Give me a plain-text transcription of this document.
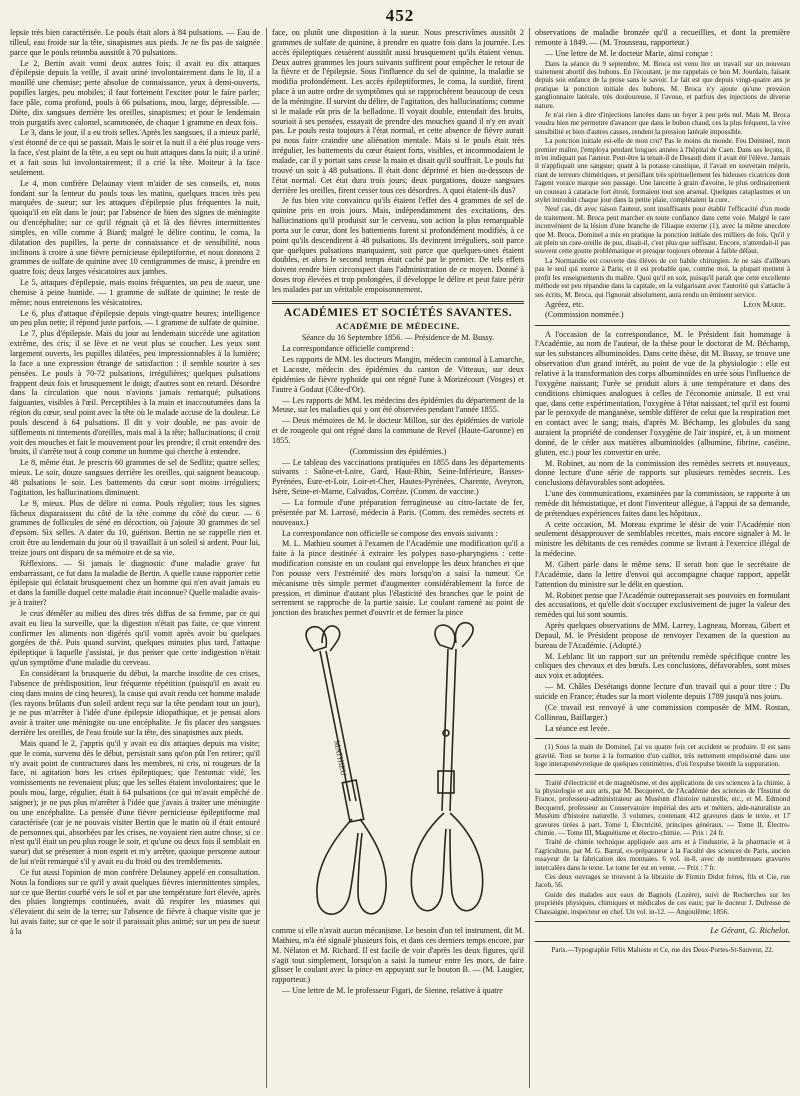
452

lepsie très bien caractérisée. Le pouls était alors à 84 pulsations. — Eau de tilleul, eau froide sur la tête, sinapismes aux pieds. Je ne fis pas de saignée parce que le pouls retomba aussitôt à 70 pulsations.

Le 2, Bertin avait vomi deux autres fois; il avait eu dix attaques d'épilepsie depuis la veille, il avait uriné involontairement dans le lit, il a mouillé une chemise; perte absolue de connaissance, yeux à demi-ouverts, pupilles larges, peu mobiles; il faut fortement l'exciter pour le faire parler; face pâle, coma profond, pouls à 66 pulsations, mou, large, dépressible. — Diète, dix sangsues derrière les oreilles, sinapismes; et pour le lendemain trois purgatifs avec calomel, scammonée, de chaque 1 gramme en deux fois.

Le 3, dans le jour, il a eu trois selles. Après les sangsues, il a mieux parlé, s'est étonné de ce qui se passait. Mais le soir et la nuit il a été plus rouge vers la face, s'est plaint de la tête, a eu sept ou huit attaques dans la nuit; il a uriné et a fait sous lui involontairement; il a crié la tête. Moiteur à la face seulement.

Le 4, mon confrère Delaunay vient m'aider de ses conseils, et, nous fondant sur la lenteur du pouls tous les matins, quelques traces très peu marquées de sueur; sur les attaques d'épilepsie plus fréquentes la nuit, quoiqu'il en eût dans le jour; par l'absence de bien des signes de méningite ou d'encéphalite; sur ce qu'il régnait çà et là des fièvres intermittentes simples, en ville comme à Biard; malgré le délire continu, le coma, la dilatation des pupilles, la perte de connaissance et de sensibilité, nous inclinons à croire à une fièvre pernicieuse épileptiforme, et nous donnons 2 grammes de sulfate de quinine avec 10 centigrammes de musc, à prendre en quatre fois; deux larges vésicatoires aux jambes.

Le 5, attaques d'épilepsie, mais moins fréquentes, un peu de sueur, une chemise à peine humide. — 1 gramme de sulfate de quinine; le reste de même; nous entretenons les vésicatoires.

Le 6, plus d'attaque d'épilepsie depuis vingt-quatre heures; intelligence un peu plus nette; il répond juste parfois. — 1 gramme de sulfate de quinine.

Le 7, plus d'épilepsie. Mais du jour au lendemain succède une agitation extrême, des cris; il se lève et ne veut plus se coucher. Les yeux sont largement ouverts, les pupilles dilatées, peu impressionnables à la lumière; la face a une expression étrange de satisfaction : il semble sourire à ses pensées. Le pouls à 70-72 pulsations, irrégulières; quelques pulsations frappent deux fois et brusquement le doigt; d'autres sont en retard. Désordre dans la circulation que nous n'avions jamais remarqué; pulsations faiguantes, visibles à l'œil. Perceptibles à la main et inaccoutumées dans la région du cœur, seul point avec la tête où le malade accuse de la douleur. Le pouls descend à 64 pulsations. Il dit y voir double, ne pas avoir de sifflements ni tintements d'oreilles, mais mal à la tête; hallucinations; il croit voir des mouches et fait le mouvement pour les prendre; il croit entendre des bruits, il s'arrête tout à coup comme un homme qui cherche à entendre.

Le 8, même état. Je prescris 60 grammes de sel de Sedlitz; quatre selles; mieux. Le soir, douze sangsues derrière les oreilles, qui saignent beaucoup. 48 pulsations le soir. Les battements du cœur sont moins irréguliers; l'agitation, les hallucinations diminuent.

Le 9, mieux. Plus de délire ni coma. Pouls régulier; tous les signes fâcheux disparaissent du côté de la tête comme du côté du cœur. — 6 grammes de follicules de séné en décoction, où j'ajoute 30 grammes de sel d'epsom. Six selles. A dater du 10, guérison. Bertin ne se rappelle rien et croit être au lendemain du jour où il travaillait à un soleil si ardent. Pour lui, treize jours ont disparu de sa mémoire et de sa vie.

Réflexions. — Si jamais le diagnostic d'une maladie grave fut embarrassant, ce fut dans la maladie de Bertin. A quelle cause rapporter cette épilepsie qui éclatait brusquement chez un homme qui n'en avait jamais eu et dans la famille duquel cette maladie était inconnue? Quelle maladie avais-je à traiter?

Je crus démêler au milieu des dires très diffus de sa femme, par ce qui avait eu lieu la surveille, que la digestion n'était pas faite, ce que vinrent confirmer les aliments non digérés qu'il vomit après avoir bu quelques gorgées de thé. Puis quand survint, quelques minutes plus tard, l'attaque épileptique à laquelle j'assistai, je dus penser que cette indigestion n'était qu'un symptôme d'une maladie du cerveau.

En considérant la brusquerie du début, la marche insolite de ces crises, l'absence de prédisposition, leur fréquente répétition (puisqu'il en avait eu cinq dans moins de cinq heures), la cause qui avait rendu cet homme malade (les rayons brûlants d'un soleil ardent reçu sur la tête pendant tout un jour), je ne pus m'arrêter à l'idée d'une épilepsie idiopathique, et je pensai alors avoir à traiter une méningite ou une encéphalite. Je fis placer des sangsues derrière les oreilles, de l'eau froide sur la tête, des sinapismes aux pieds.

Mais quand le 2, j'appris qu'il y avait eu dix attaques depuis ma visite; que le coma, survenu dès le début, persistait sans qu'on pût l'en retirer; qu'il n'y avait point de contractures dans les membres, ni cris, ni rougeurs de la face, ni agitation hors les crises épileptiques; que l'estomac vidé, les vomissements ne revenaient plus; que les selles étaient involontaires; que le pouls mou, large, régulier, était à 64 pulsations (ce qui m'avait empêché de saigner); je ne pus plus m'arrêter à l'idée que j'avais à traiter une méningite ou une encéphalite. La pensée d'une fièvre pernicieuse épileptiforme mal caractérisée (car je ne pouvais visiter Bertin que le matin où il était entouré de personnes qui, absorbées par les crises, ne voyaient rien autre chose, si ce n'est qu'il était un peu plus rouge le soir, et qu'une ou deux fois il semblait en sueur) dut se présenter à mon esprit et m'y arrêter, quoique personne autour de lui n'eût remarqué s'il y avait eu du froid ou des tremblements.

Ce fut aussi l'opinion de mon confrère Delauney appelé en consultation. Nous la fondions sur ce qu'il y avait quelques fièvres intermittentes simples, sur ce que Bertin courbé vers le sol et par une température fort élevée, après des pluies longtemps continuées, avait dû respirer les miasmes qui s'élevaient du sein de la terre; sur l'absence de fièvre à chaque visite que je lui avais faite; sur ce que le soir il paraissait plus animé; sur un peu de sueur à la

face, ou plutôt une disposition à la sueur. Nous prescrivîmes aussitôt 2 grammes de sulfate de quinine, à prendre en quatre fois dans la journée. Les accès épileptiques cessèrent aussitôt aussi brusquement qu'ils étaient venus. Deux autres grammes les jours suivants suffirent pour empêcher le retour de la fièvre et de l'épilepsie. Sous l'influence du sel de quinine, la maladie se modifia profondément. Les accès épileptiformes, le coma, la surdité, firent place à un autre ordre de symptômes qui se rapprochèrent beaucoup de ceux de la méningite. Il survint du délire, de l'agitation, des hallucinations; comme si le malade eût pris de la belladone. Il voyait double, entendait des bruits, souriait à ses pensées, essayait de prendre des mouches quand il n'y en avait pas. Le pouls resta toujours à l'état normal, et cette absence de fièvre aurait pu nous faire craindre une aliénation mentale. Mais si le pouls était très irrégulier, les battements du cœur étaient forts, visibles, et incommodaient le malade, car il y portait sans cesse la main et disait qu'il souffrait. Le pouls fut trouvé un soir à 48 pulsations. Il était donc déprimé et bien au-dessous de l'état normal. Cet état dura trois jours; deux purgations, douze sangsues derrière les oreilles, firent cesser tous ces désordres. A quoi étaient-ils dus?

Je fus bien vite convaincu qu'ils étaient l'effet des 4 grammes de sel de quinine pris en trois jours. Mais, indépendamment des excitations, des hallucinations qu'il produisit sur le cerveau, son action la plus remarquable porta sur le cœur, dont les battements furent si profondément modifiés, à ce point qu'ils descendirent à 48 pulsations. Ils devinrent irréguliers, soit parce que quelques pulsations manquaient, soit parce que quelques-unes étaient doubles, et alors le second temps était caché par le premier. De tels effets doivent rendre bien circonspect dans l'administration de ce moyen. Donné à doses trop élevées et trop prolongées, il développe le délire et peut faire périr les malades par un véritable empoisonnement.

ACADÉMIES ET SOCIÉTÉS SAVANTES.
ACADÉMIE DE MÉDECINE.

Séance du 16 Septembre 1856. — Présidence de M. Bussy.

La correspondance officielle comprend :

Les rapports de MM. les docteurs Mangin, médecin cantonal à Lamarche, et Lacoste, médecin des épidémies du canton de Vitteaux, sur deux épidémies de fièvre typhoïde qui ont régné l'une à Morizécourt (Vosges) et l'autre à Godaut (Côte-d'Or).

— Les rapports de MM. les médecins des épidémies du département de la Meuse, sur les maladies qui y ont été observées pendant l'année 1855.

— Deux mémoires de M. le docteur Millon, sur des épidémies de variole et de rougeole qui ont régné dans la commune de Revel (Haute-Garonne) en 1855.

(Commission des épidémies.)

— Le tableau des vaccinations pratiquées en 1855 dans les départements suivants : Saône-et-Loire, Gard, Haut-Rhin, Seine-Inférieure, Basses-Pyrénées, Eure-et-Loir, Loir-et-Cher, Hautes-Pyrénées, Charente, Aveyron, Isère, Seine-et-Marne, Calvados, Corrèze. (Comm. de vaccine.)

— La formule d'une préparation ferrugineuse au citro-lactate de fer, présentée par M. Larrosé, médecin à Paris. (Comm. des remèdes secrets et nouveaux.)

La correspondance non officielle se compose des envois suivants :

M. L. Mathieu soumet à l'examen de l'Académie une modification qu'il a faite à la pince destinée à extraire les polypes naso-pharyngiens : cette modification consiste en un coulant qui enveloppe les deux branches et que l'on pousse vers l'extrémité des mors lorsqu'on a saisi la tumeur. Ce mécanisme très simple permet d'augmenter considérablement la force de pression, et diminue d'autant plus l'élasticité des branches que le point de serrement se rapproche de la partie saisie. Le coulant ramené au point de jonction des branches permet d'ouvrir et de fermer la pince

MATHIEU

comme si elle n'avait aucun mécanisme. Le besoin d'un tel instrument, dit M. Mathieu, m'a été signalé plusieurs fois, et dans ces derniers temps encore, par M. Nélaton et M. Richard. Il est facile de voir d'après les deux figures, qu'il s'agit tout simplement, lorsqu'on a saisi la tumeur entre les mors, de faire glisser le coulant avec la pince en appuyant sur le bouton B. — (M. Laugier, rapporteur.)

— Une lettre de M. le professeur Figari, de Sienne, relative à quatre

observations de maladie bronzée qu'il a recueillies, et dont la première remonte à 1849. — (M. Trousseau, rapporteur.)

— Une lettre de M. le docteur Marie, ainsi conçue :

Dans la séance du 9 septembre, M. Broca est venu lire un travail sur un nouveau traitement abortif des bubons. En l'écoutant, je me rappelais ce bon M. Jourdain, faisant depuis son enfance de la prose sans le savoir. Le fait est que depuis vingt-quatre ans je pratique la ponction initiale des bubons. M. Broca n'y ajoute qu'une pression ganglionnaire latérale, très douloureuse, il l'avoue, et parfois des injections de diverse nature.

Je n'ai rien à dire d'injections lancées dans un foyer à peu près nul. Mais M. Broca voudra bien me permettre d'avancer que dans le bubon chaud, ces la plus fréquent, la vive sensibilité et bien d'autres causes, rendent la pression latérale impossible.

La ponction initiale est-elle de mon cru? Pas le moins du monde. Feu Dominel, mon premier maître, l'employa pendant longues années à l'hôpital de Caen. Dans ses leçons, il m'en indiquait pas l'auteur. Peut-être la tenait-il de Desault dont il avait été l'élève. Jamais il n'appliquait une sangsue; quant à la potasse caustique, il l'avait en souverain mépris, riant de terreurs chimériques, et persiflant très spirituellement les hideuses cicatrices dont l'agent vorace marque son passage. Une lancette à grain d'avoine, le plus ordinairement un couteau à cataracte fort étroit, formaient tout son arsenal. Quelques cataplasmes et un stylet introduit chaque jour dans la petite plaie, complétaient la cure.

Neuf cas, dit avec raison l'auteur, sont insuffisants pour établir l'efficacité d'un mode de traitement. M. Broca peut marcher en toute confiance dans cette voie. Malgré le rare inconvénient de la lésion d'une branche de l'iliaque externe (1), avec la même anecdote que M. Broca, Dominel a mis en pratique la ponction initiale des milliers de fois. Qu'il y ait plein un cure-oreille de pus, disait-il, c'est plus que suffisant. Encore, n'attendait-il pas souvent cette goutte problématique et presque toujours obtenue à faible défaut.

La Normandie est couverte des élèves de cet habile chirurgien. Je ne sais d'ailleurs pas le seul qui exerce à Paris; et il est probable que, comme moi, la plupart mettent à profit les enseignements du maître. Quoi qu'il en soit, puisqu'il paraît que cette excellente méthode est peu répandue dans la capitale, en la vulgarisant avec l'autorité qui s'attache à ses écrits, M. Broca, qui l'ignorait absolument, aura rendu un éminent service.

Agréez, etc.	Léon Marie.

(Commission nommée.)

A l'occasion de la correspondance, M. le Président fait hommage à l'Académie, au nom de l'auteur, de la thèse pour le doctorat de M. Béchamp, sur les substances albuminoïdes. Dans cette thèse, dit M. Bussy, se trouve une observation d'un grand intérêt, au point de vue de la physiologie : elle est relative à la transformation des corps albuminoïdes en urée sous l'influence de l'oxygène naissant; l'urée se produit alors à une température et dans des conditions chimiques analogues à celles de l'économie animale. Il est vrai que, dans cette expérimentation, l'oxygène à l'état naissant, tel qu'il est fourni par le peroxyde de manganèse, semble différer de celui que la respiration met en contact avec le sang; mais, d'après M. Béchamp, les globules du sang auraient la propriété de condenser l'oxygène de l'air inspiré, et, à un moment donné, de le céder aux matières albuminoïdes (albumine, fibrine, caséine, gluten, etc.) pour les convertir en urée.

M. Robinet, au nom de la commission des remèdes secrets et nouveaux, donne lecture d'une série de rapports sur plusieurs remèdes secrets. Les conclusions défavorables sont adoptées.

L'une des communications, examinées par la commission, se rapporte à un remède dit hémostatique, et dont l'inventeur allègue, à l'appui de sa demande, de prétendues expériences faites dans les hôpitaux.

A cette occasion, M. Moreau exprime le désir de voir l'Académie non seulement désapprouver de semblables recettes, mais encore signaler à M. le ministre les débitants de ces remèdes comme se livrant à l'exercice illégal de la médecine.

M. Gibert parle dans le même sens. Il serait bon que le secrétaire de l'Académie, dans la lettre d'envoi qui accompagne chaque rapport, appelât l'attention du ministre sur le délit en question.

M. Robinet pense que l'Académie outrepasserait ses pouvoirs en formulant des accusations, et qu'elle doit s'occuper exclusivement de juger la valeur des remèdes qui lui sont soumis.

Après quelques observations de MM. Larrey, Lagneau, Moreau, Gibert et Depaul, M. le Président propose de renvoyer l'examen de la question au bureau de l'Académie. (Adopté.)

M. Leblanc lit un rapport sur un prétendu remède spécifique contre les coliques des chevaux et des bœufs. Les conclusions, défavorables, sont mises aux voix et adoptées.

— M. Châles Desétangs donne lecture d'un travail qui a pour titre : Du suicide en France; études sur la mort violente depuis 1789 jusqu'à nos jours.

(Ce travail est renvoyé à une commission composée de MM. Rostan, Collineau, Baillarger.)

La séance est levée.

(1) Sous la main de Dominel, j'ai vu quatre fois cet accident se produire. Il est sans gravité. Tout se borne à la formation d'un caillot, très nettement emprisonné dans une loge interaponévrotique de quelques centimètres, d'où l'expulse bientôt la suppuration.

Traité d'électricité et de magnétisme, et des applications de ces sciences à la chimie, à la physiologie et aux arts, par M. Becquerel, de l'Académie des sciences de l'Institut de France, professeur-administrateur au Muséum d'histoire naturelle, etc., et M. Edmond Becquerel, professeur au Conservatoire impérial des arts et métiers, aide-naturaliste au Muséum d'histoire naturelle. 3 volumes, contenant 412 gravures dans le texte, et 17 gravures tirées à part. Tome I, Électricité, principes généraux. — Tome II, Électro-chimie. — Tome III, Magnétisme et électro-chimie. — Prix : 24 fr.

Traité de chimie technique appliquée aux arts et à l'industrie, à la pharmacie et à l'agriculture, par M. G. Barral, ex-préparateur à la Faculté des sciences de Paris, ancien essayeur de la fabrication des monnaies. 6 vol. in-8, avec de nombreuses gravures intercalées dans le texte. Le tome Ier est en vente. — Prix : 7 fr.

Ces deux ouvrages se trouvent à la librairie de Firmin Didot frères, fils et Cie, rue Jacob, 56.

Guide des malades aux eaux de Bagnols (Lozère), suivi de Recherches sur les propriétés physiques, chimiques et médicales de ces eaux; par le docteur J. Dufresse de Chassaigne, inspecteur en chef. Un vol. in-12. — Angoulême; 1856.

Le Gérant, G. Richelot.
Paris.—Typographie Félix Malteste et Ce, rue des Deux-Portes-St-Sauveur, 22.
